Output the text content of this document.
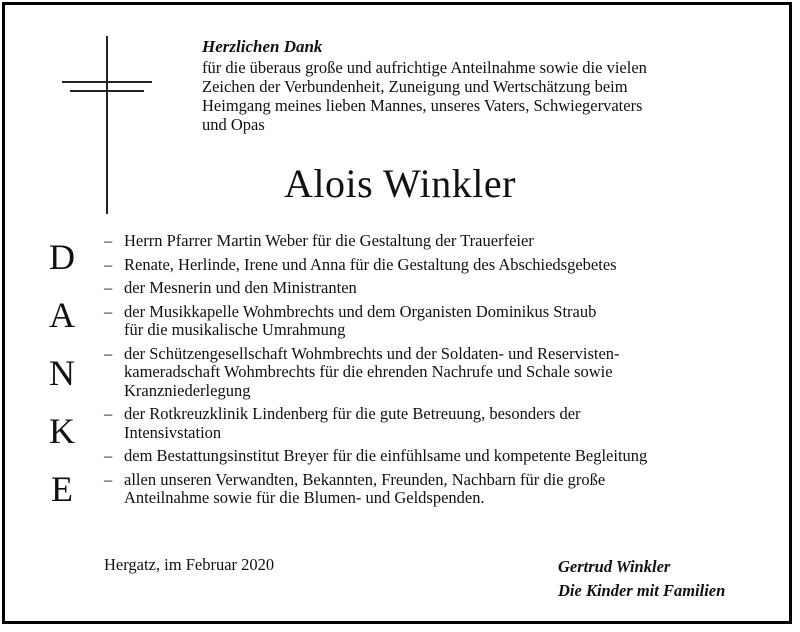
Herzlichen Dank
für die überaus große und aufrichtige Anteilnahme sowie die vielen
Zeichen der Verbundenheit, Zuneigung und Wertschätzung beim
Heimgang meines lieben Mannes, unseres Vaters, Schwiegervaters
und Opas
Alois Winkler
D
A
N
K
E
– Herrn Pfarrer Martin Weber für die Gestaltung der Trauerfeier
– Renate, Herlinde, Irene und Anna für die Gestaltung des Abschiedsgebetes
– der Mesnerin und den Ministranten
– der Musikkapelle Wohmbrechts und dem Organisten Dominikus Straub
für die musikalische Umrahmung
– der Schützengesellschaft Wohmbrechts und der Soldaten- und Reservisten-
kameradschaft Wohmbrechts für die ehrenden Nachrufe und Schale sowie
Kranzniederlegung
– der Rotkreuzklinik Lindenberg für die gute Betreuung, besonders der
Intensivstation
– dem Bestattungsinstitut Breyer für die einfühlsame und kompetente Begleitung
– allen unseren Verwandten, Bekannten, Freunden, Nachbarn für die große
Anteilnahme sowie für die Blumen- und Geldspenden.
Hergatz, im Februar 2020	Gertrud Winkler
Die Kinder mit Familien
